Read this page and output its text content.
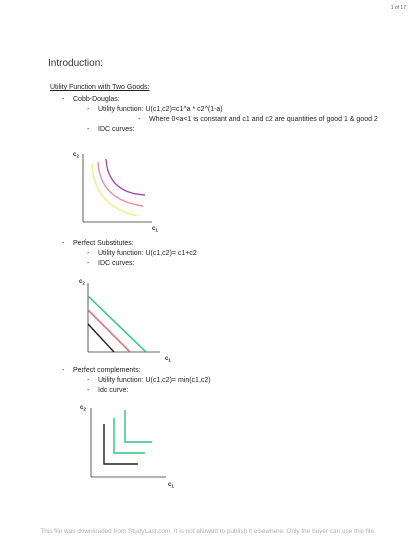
1 of 17
Introduction:
Utility Function with Two Goods:
- Cobb-Douglas:
- Utility function: U(c1,c2)=c1^a * c2^(1-a)
- Where 0<a<1 is constant and c1 and c2 are quantities of good 1 & good 2
- IDC curves:
$c_2$
$c_1$
- Perfect Substitutes:
- Utility function: U(c1,c2)= c1+c2
- IDC curves:
$c_2$
$c_1$
- Perfect complements:
- Utility function: U(c1,c2)= min(c1,c2)
- Idc curve:
$c_2$
$c_1$
This file was downloaded from StudyLast.com. It is not allowed to publish it elsewhere. Only the buyer can use this file.
